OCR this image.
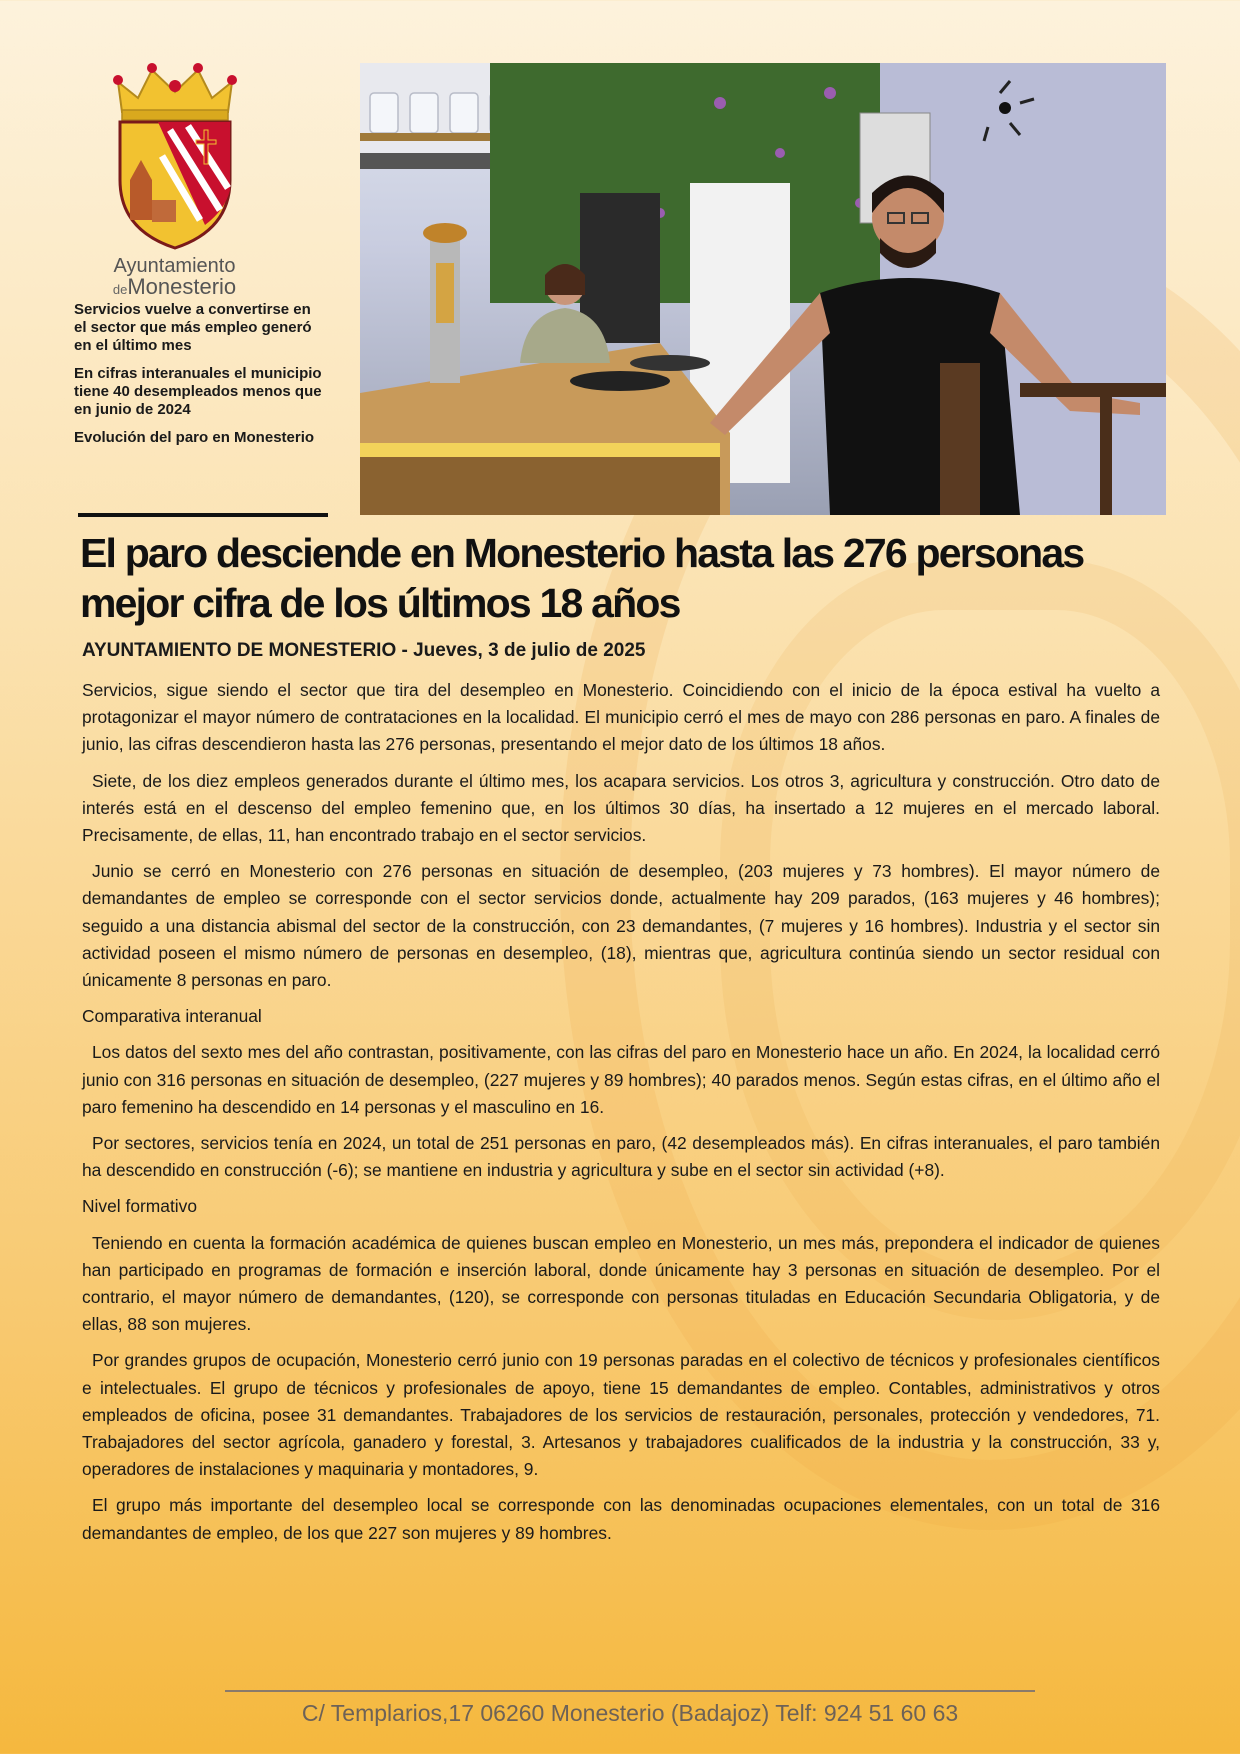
Ayuntamiento
deMonesterio

Servicios vuelve a convertirse en el sector que más empleo generó en el último mes

En cifras interanuales el municipio tiene 40 desempleados menos que en junio de 2024

Evolución del paro en Monesterio

El paro desciende en Monesterio hasta las 276 personas mejor cifra de los últimos 18 años
AYUNTAMIENTO DE MONESTERIO - Jueves, 3 de julio de 2025

Servicios, sigue siendo el sector que tira del desempleo en Monesterio. Coincidiendo con el inicio de la época estival ha vuelto a protagonizar el mayor número de contrataciones en la localidad. El municipio cerró el mes de mayo con 286 personas en paro. A finales de junio, las cifras descendieron hasta las 276 personas, presentando el mejor dato de los últimos 18 años.

Siete, de los diez empleos generados durante el último mes, los acapara servicios. Los otros 3, agricultura y construcción. Otro dato de interés está en el descenso del empleo femenino que, en los últimos 30 días, ha insertado a 12 mujeres en el mercado laboral. Precisamente, de ellas, 11, han encontrado trabajo en el sector servicios.

Junio se cerró en Monesterio con 276 personas en situación de desempleo, (203 mujeres y 73 hombres). El mayor número de demandantes de empleo se corresponde con el sector servicios donde, actualmente hay 209 parados, (163 mujeres y 46 hombres); seguido a una distancia abismal del sector de la construcción, con 23 demandantes, (7 mujeres y 16 hombres). Industria y el sector sin actividad poseen el mismo número de personas en desempleo, (18), mientras que, agricultura continúa siendo un sector residual con únicamente 8 personas en paro.

Comparativa interanual

Los datos del sexto mes del año contrastan, positivamente, con las cifras del paro en Monesterio hace un año. En 2024, la localidad cerró junio con 316 personas en situación de desempleo, (227 mujeres y 89 hombres); 40 parados menos. Según estas cifras, en el último año el paro femenino ha descendido en 14 personas y el masculino en 16.

Por sectores, servicios tenía en 2024, un total de 251 personas en paro, (42 desempleados más). En cifras interanuales, el paro también ha descendido en construcción (-6); se mantiene en industria y agricultura y sube en el sector sin actividad (+8).

Nivel formativo

Teniendo en cuenta la formación académica de quienes buscan empleo en Monesterio, un mes más, prepondera el indicador de quienes han participado en programas de formación e inserción laboral, donde únicamente hay 3 personas en situación de desempleo. Por el contrario, el mayor número de demandantes, (120), se corresponde con personas tituladas en Educación Secundaria Obligatoria, y de ellas, 88 son mujeres.

Por grandes grupos de ocupación, Monesterio cerró junio con 19 personas paradas en el colectivo de técnicos y profesionales científicos e intelectuales. El grupo de técnicos y profesionales de apoyo, tiene 15 demandantes de empleo. Contables, administrativos y otros empleados de oficina, posee 31 demandantes. Trabajadores de los servicios de restauración, personales, protección y vendedores, 71. Trabajadores del sector agrícola, ganadero y forestal, 3. Artesanos y trabajadores cualificados de la industria y la construcción, 33 y, operadores de instalaciones y maquinaria y montadores, 9.

El grupo más importante del desempleo local se corresponde con las denominadas ocupaciones elementales, con un total de 316 demandantes de empleo, de los que 227 son mujeres y 89 hombres.

C/ Templarios,17 06260 Monesterio (Badajoz) Telf: 924 51 60 63
